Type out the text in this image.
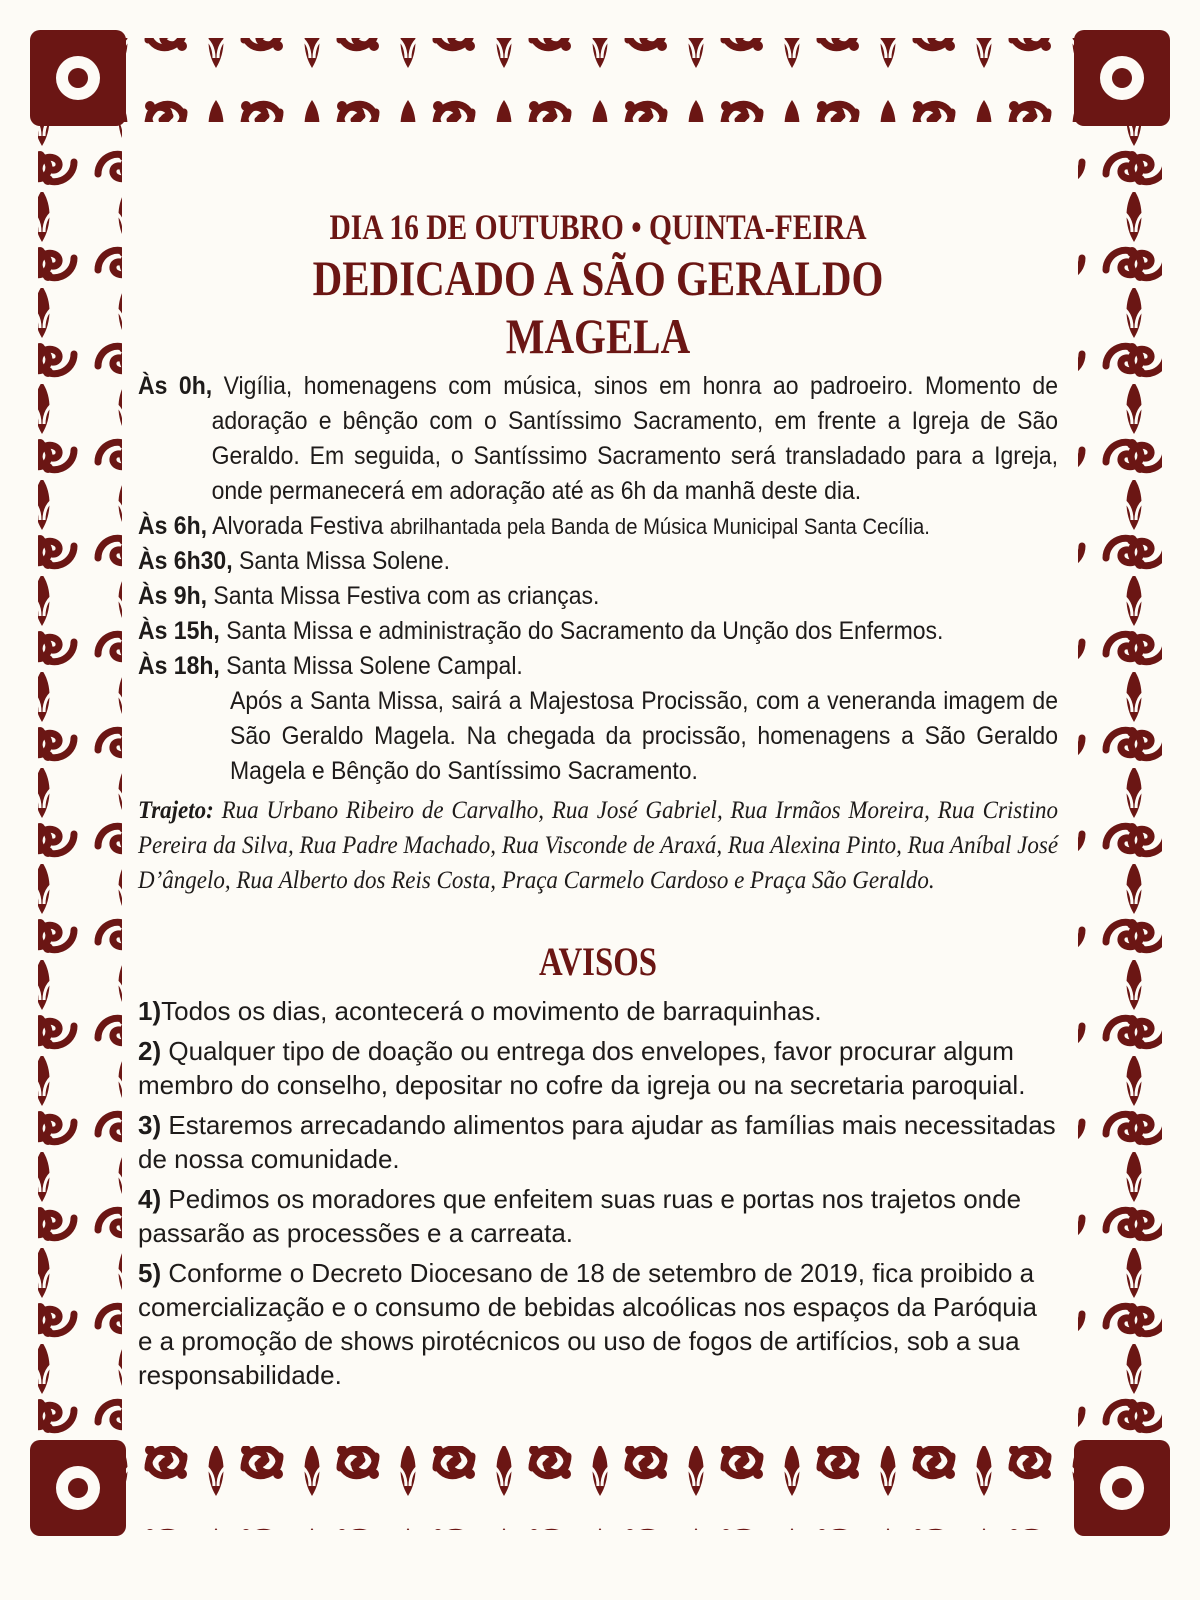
DIA 16 DE OUTUBRO • QUINTA-FEIRA
DEDICADO A SÃO GERALDO MAGELA

Às 0h, Vigília, homenagens com música, sinos em honra ao padroeiro. Momento de adoração e bênção com o Santíssimo Sacramento, em frente a Igreja de São Geraldo. Em seguida, o Santíssimo Sacramento será transladado para a Igreja, onde permanecerá em adoração até as 6h da manhã deste dia.

Às 6h, Alvorada Festiva abrilhantada pela Banda de Música Municipal Santa Cecília.

Às 6h30, Santa Missa Solene.

Às 9h, Santa Missa Festiva com as crianças.

Às 15h, Santa Missa e administração do Sacramento da Unção dos Enfermos.

Às 18h, Santa Missa Solene Campal.

Após a Santa Missa, sairá a Majestosa Procissão, com a veneranda imagem de São Geraldo Magela. Na chegada da procissão, homenagens a São Geraldo Magela e Bênção do Santíssimo Sacramento.

Trajeto: Rua Urbano Ribeiro de Carvalho, Rua José Gabriel, Rua Irmãos Moreira, Rua Cristino Pereira da Silva, Rua Padre Machado, Rua Visconde de Araxá, Rua Alexina Pinto, Rua Aníbal José D’ângelo, Rua Alberto dos Reis Costa, Praça Carmelo Cardoso e Praça São Geraldo.

AVISOS

1)Todos os dias, acontecerá o movimento de barraquinhas.

2) Qualquer tipo de doação ou entrega dos envelopes, favor procurar algum membro do conselho, depositar no cofre da igreja ou na secretaria paroquial.

3) Estaremos arrecadando alimentos para ajudar as famílias mais necessitadas de nossa comunidade.

4) Pedimos os moradores que enfeitem suas ruas e portas nos trajetos onde passarão as processões e a carreata.

5) Conforme o Decreto Diocesano de 18 de setembro de 2019, fica proibido a comercialização e o consumo de bebidas alcoólicas nos espaços da Paróquia e a promoção de shows pirotécnicos ou uso de fogos de artifícios, sob a sua responsabilidade.
